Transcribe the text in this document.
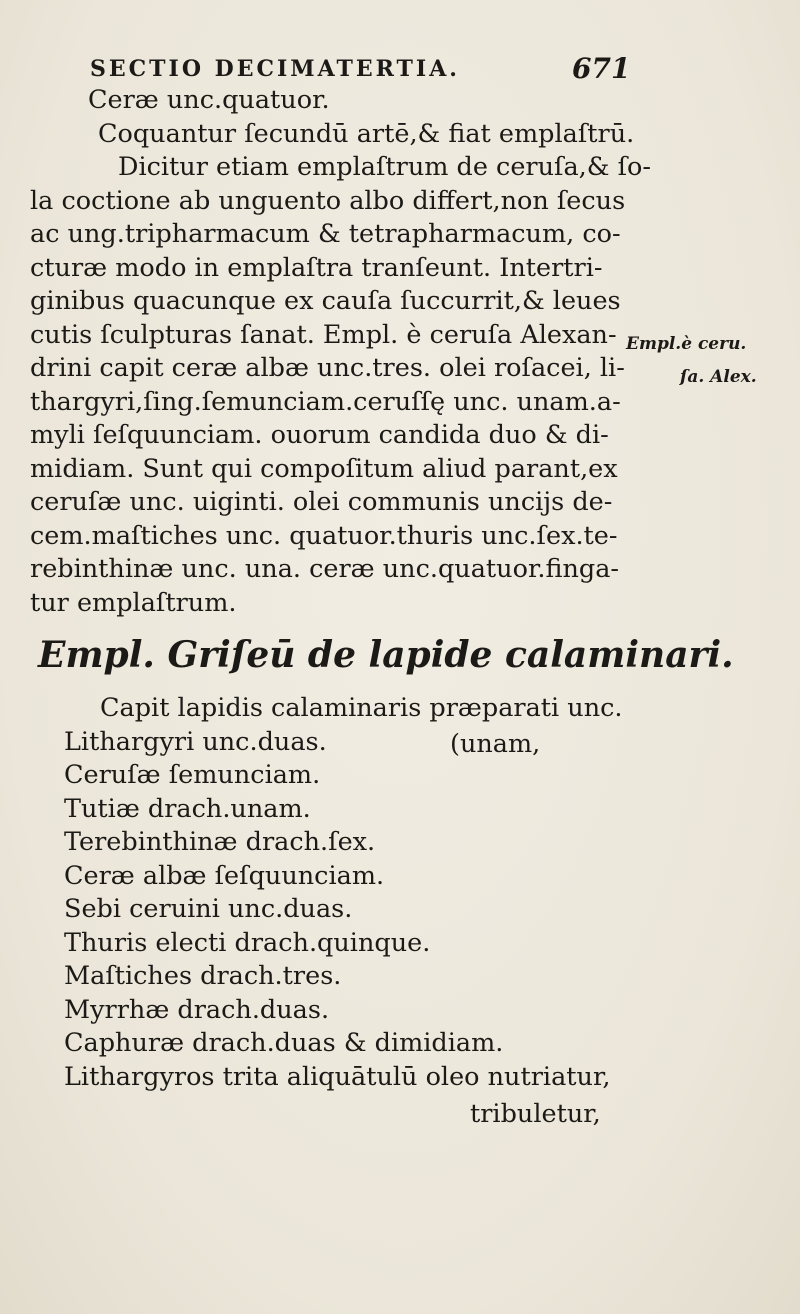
SECTIO DECIMATERTIA.	671
Ceræ unc.quatuor.
Coquantur ſecundū artē,& fiat emplaſtrū.
Dicitur etiam emplaſtrum de ceruſa,& ſo-
la coctione ab unguento albo differt,non ſecus
ac ung.tripharmacum & tetrapharmacum, co-
cturæ modo in emplaſtra tranſeunt. Intertri-
ginibus quacunque ex cauſa ſuccurrit,& leues
cutis ſculpturas ſanat. Empl. è ceruſa Alexan-
drini capit ceræ albæ unc.tres. olei roſacei, li-
thargyri,ſing.ſemunciam.ceruſſę unc. unam.a-
myli ſeſquunciam. ouorum candida duo & di-
midiam. Sunt qui compoſitum aliud parant,ex
ceruſæ unc. uiginti. olei communis uncijs de-
cem.maſtiches unc. quatuor.thuris unc.ſex.te-
rebinthinæ unc. una. ceræ unc.quatuor.finga-
tur emplaſtrum.
Empl.è ceru.
ſa. Alex.
Empl. Griſeū de lapide calaminari.
Capit lapidis calaminaris præparati unc.
Lithargyri unc.duas.
Ceruſæ ſemunciam.
Tutiæ drach.unam.
Terebinthinæ drach.ſex.
Ceræ albæ ſeſquunciam.
Sebi ceruini unc.duas.
Thuris electi drach.quinque.
Maſtiches drach.tres.
Myrrhæ drach.duas.
Caphuræ drach.duas & dimidiam.
Lithargyros trita aliquātulū oleo nutriatur,
(unam,
tribuletur,
